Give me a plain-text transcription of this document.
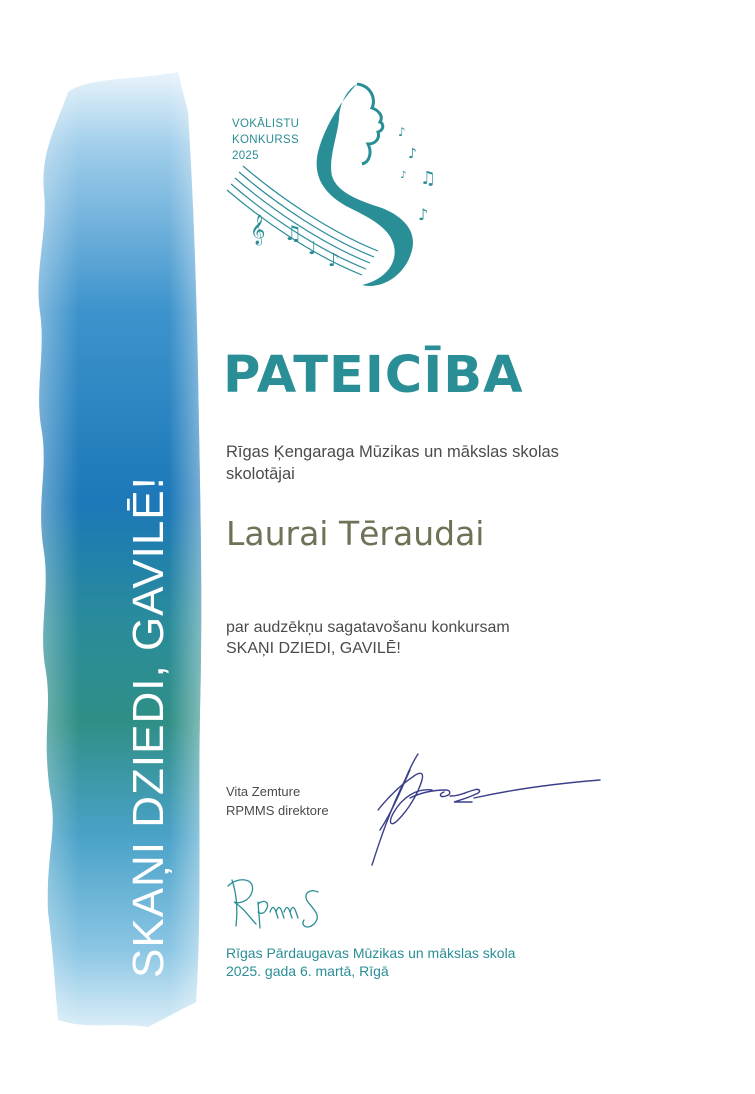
SKAŅI DZIEDI, GAVILĒ!
𝄞 ♫
♩
♪
♪
♪
♫
♪
♪
VOKĀLISTU
KONKURSS
2025
PATEICĪBA
Rīgas Ķengaraga Mūzikas un mākslas skolas
skolotājai
Laurai Tēraudai
par audzēkņu sagatavošanu konkursam
SKAŅI DZIEDI, GAVILĒ!
Vita Zemture
RPMMS direktore
Rīgas Pārdaugavas Mūzikas un mākslas skola
2025. gada 6. martā, Rīgā
